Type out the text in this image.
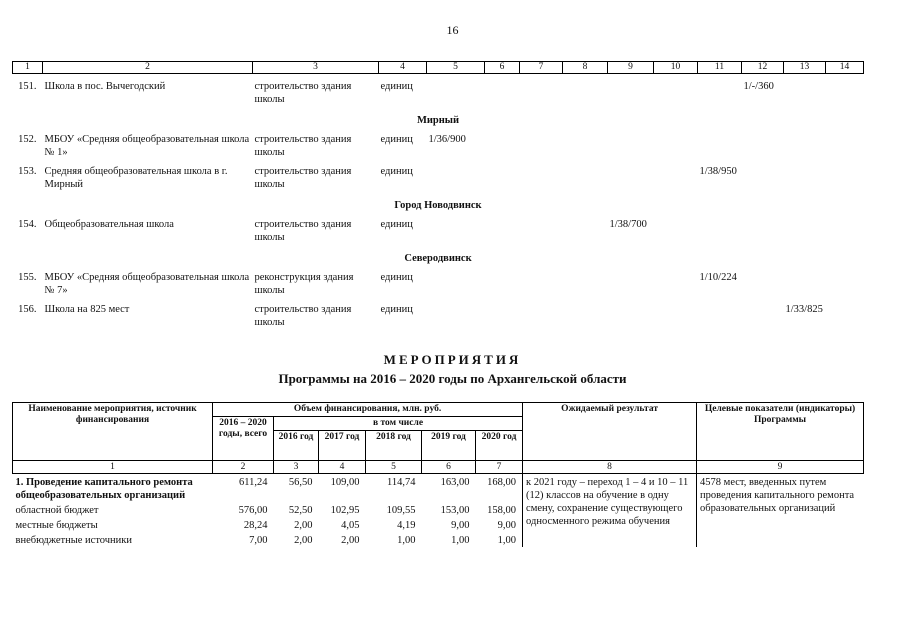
16
1	2	3	4	5	6	7	8	9	10	11	12	13	14
151.	Школа в пос. Вычегодский	строительство здания школы	единиц								1/-/360		
Мирный													
152.	МБОУ «Средняя общеобразовательная школа № 1»	строительство здания школы	единиц	1/36/900									
153.	Средняя общеобразовательная школа в г. Мирный	строительство здания школы	единиц							1/38/950			
Город Новодвинск													
154.	Общеобразовательная школа	строительство здания школы	единиц					1/38/700					
Северодвинск													
155.	МБОУ «Средняя общеобразовательная школа № 7»	реконструкция здания школы	единиц							1/10/224			
156.	Школа на 825 мест	строительство здания школы	единиц									1/33/825	
МЕРОПРИЯТИЯ
Программы на 2016 – 2020 годы по Архангельской области
Наименование мероприятия, источник финансирования	Объем финансирования, млн. руб.						Ожидаемый результат	Целевые показатели (индикаторы) Программы
	2016 – 2020 годы, всего	в том числе						
		2016 год	2017 год	2018 год	2019 год	2020 год		
1	2	3	4	5	6	7	8	9
1. Проведение капитального ремонта общеобразовательных организаций	611,24	56,50	109,00	114,74	163,00	168,00	к 2021 году – переход 1 – 4 и 10 – 11 (12) классов на обучение в одну смену, сохранение существующего односменного режима обучения	4578 мест, введенных путем проведения капитального ремонта образовательных организаций
областной бюджет	576,00	52,50	102,95	109,55	153,00	158,00		
местные бюджеты	28,24	2,00	4,05	4,19	9,00	9,00		
внебюджетные источники	7,00	2,00	2,00	1,00	1,00	1,00		
